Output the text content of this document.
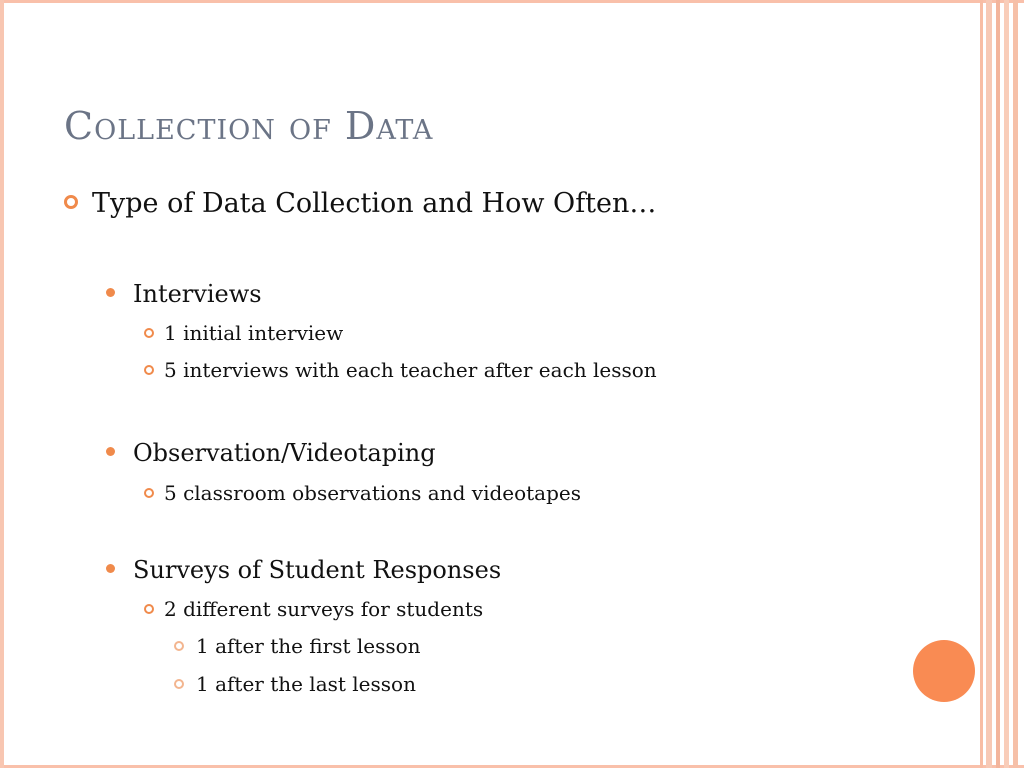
Collection of Data
Type of Data Collection and How Often…
Interviews
1 initial interview
5 interviews with each teacher after each lesson
Observation/Videotaping
5 classroom observations and videotapes
Surveys of Student Responses
2 different surveys for students
1 after the first lesson
1 after the last lesson
